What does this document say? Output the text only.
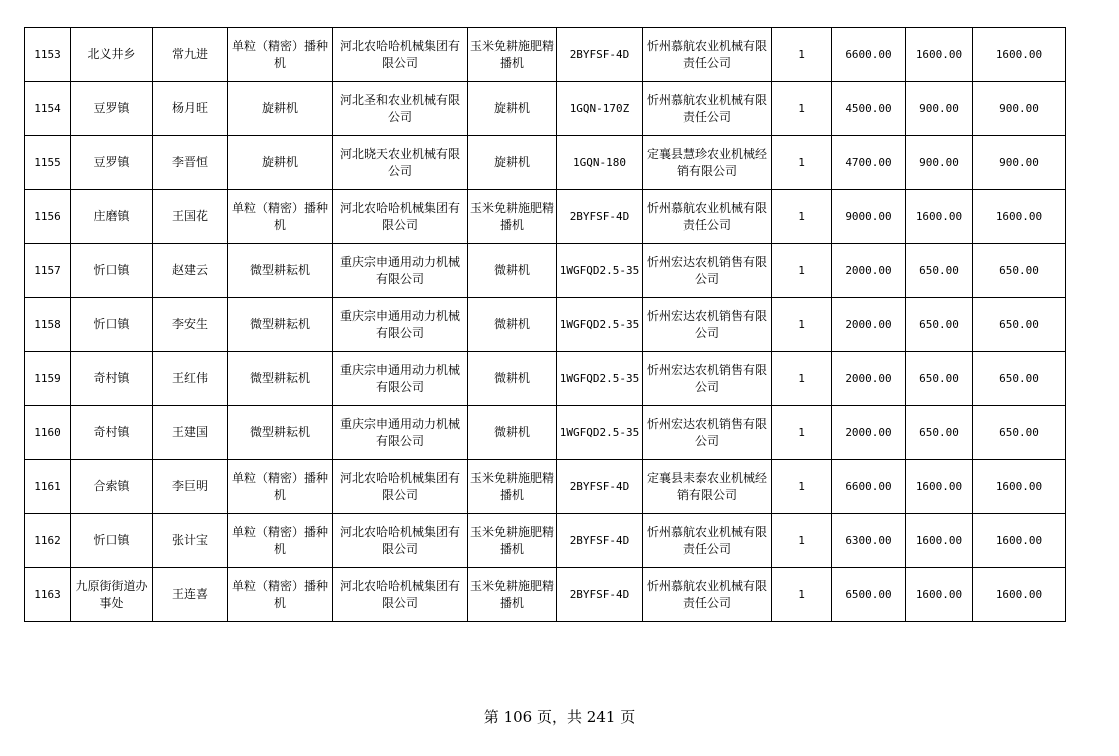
1153	北义井乡	常九进	单粒（精密）播种机	河北农哈哈机械集团有限公司	玉米免耕施肥精播机	2BYFSF-4D	忻州慕航农业机械有限责任公司	1	6600.00	1600.00	1600.00
1154	豆罗镇	杨月旺	旋耕机	河北圣和农业机械有限公司	旋耕机	1GQN-170Z	忻州慕航农业机械有限责任公司	1	4500.00	900.00	900.00
1155	豆罗镇	李晋恒	旋耕机	河北晓天农业机械有限公司	旋耕机	1GQN-180	定襄县慧珍农业机械经销有限公司	1	4700.00	900.00	900.00
1156	庄磨镇	王国花	单粒（精密）播种机	河北农哈哈机械集团有限公司	玉米免耕施肥精播机	2BYFSF-4D	忻州慕航农业机械有限责任公司	1	9000.00	1600.00	1600.00
1157	忻口镇	赵建云	微型耕耘机	重庆宗申通用动力机械有限公司	微耕机	1WGFQD2.5-35	忻州宏达农机销售有限公司	1	2000.00	650.00	650.00
1158	忻口镇	李安生	微型耕耘机	重庆宗申通用动力机械有限公司	微耕机	1WGFQD2.5-35	忻州宏达农机销售有限公司	1	2000.00	650.00	650.00
1159	奇村镇	王红伟	微型耕耘机	重庆宗申通用动力机械有限公司	微耕机	1WGFQD2.5-35	忻州宏达农机销售有限公司	1	2000.00	650.00	650.00
1160	奇村镇	王建国	微型耕耘机	重庆宗申通用动力机械有限公司	微耕机	1WGFQD2.5-35	忻州宏达农机销售有限公司	1	2000.00	650.00	650.00
1161	合索镇	李巨明	单粒（精密）播种机	河北农哈哈机械集团有限公司	玉米免耕施肥精播机	2BYFSF-4D	定襄县耒泰农业机械经销有限公司	1	6600.00	1600.00	1600.00
1162	忻口镇	张计宝	单粒（精密）播种机	河北农哈哈机械集团有限公司	玉米免耕施肥精播机	2BYFSF-4D	忻州慕航农业机械有限责任公司	1	6300.00	1600.00	1600.00
1163	九原街街道办事处	王连喜	单粒（精密）播种机	河北农哈哈机械集团有限公司	玉米免耕施肥精播机	2BYFSF-4D	忻州慕航农业机械有限责任公司	1	6500.00	1600.00	1600.00
第 106 页，共 241 页
